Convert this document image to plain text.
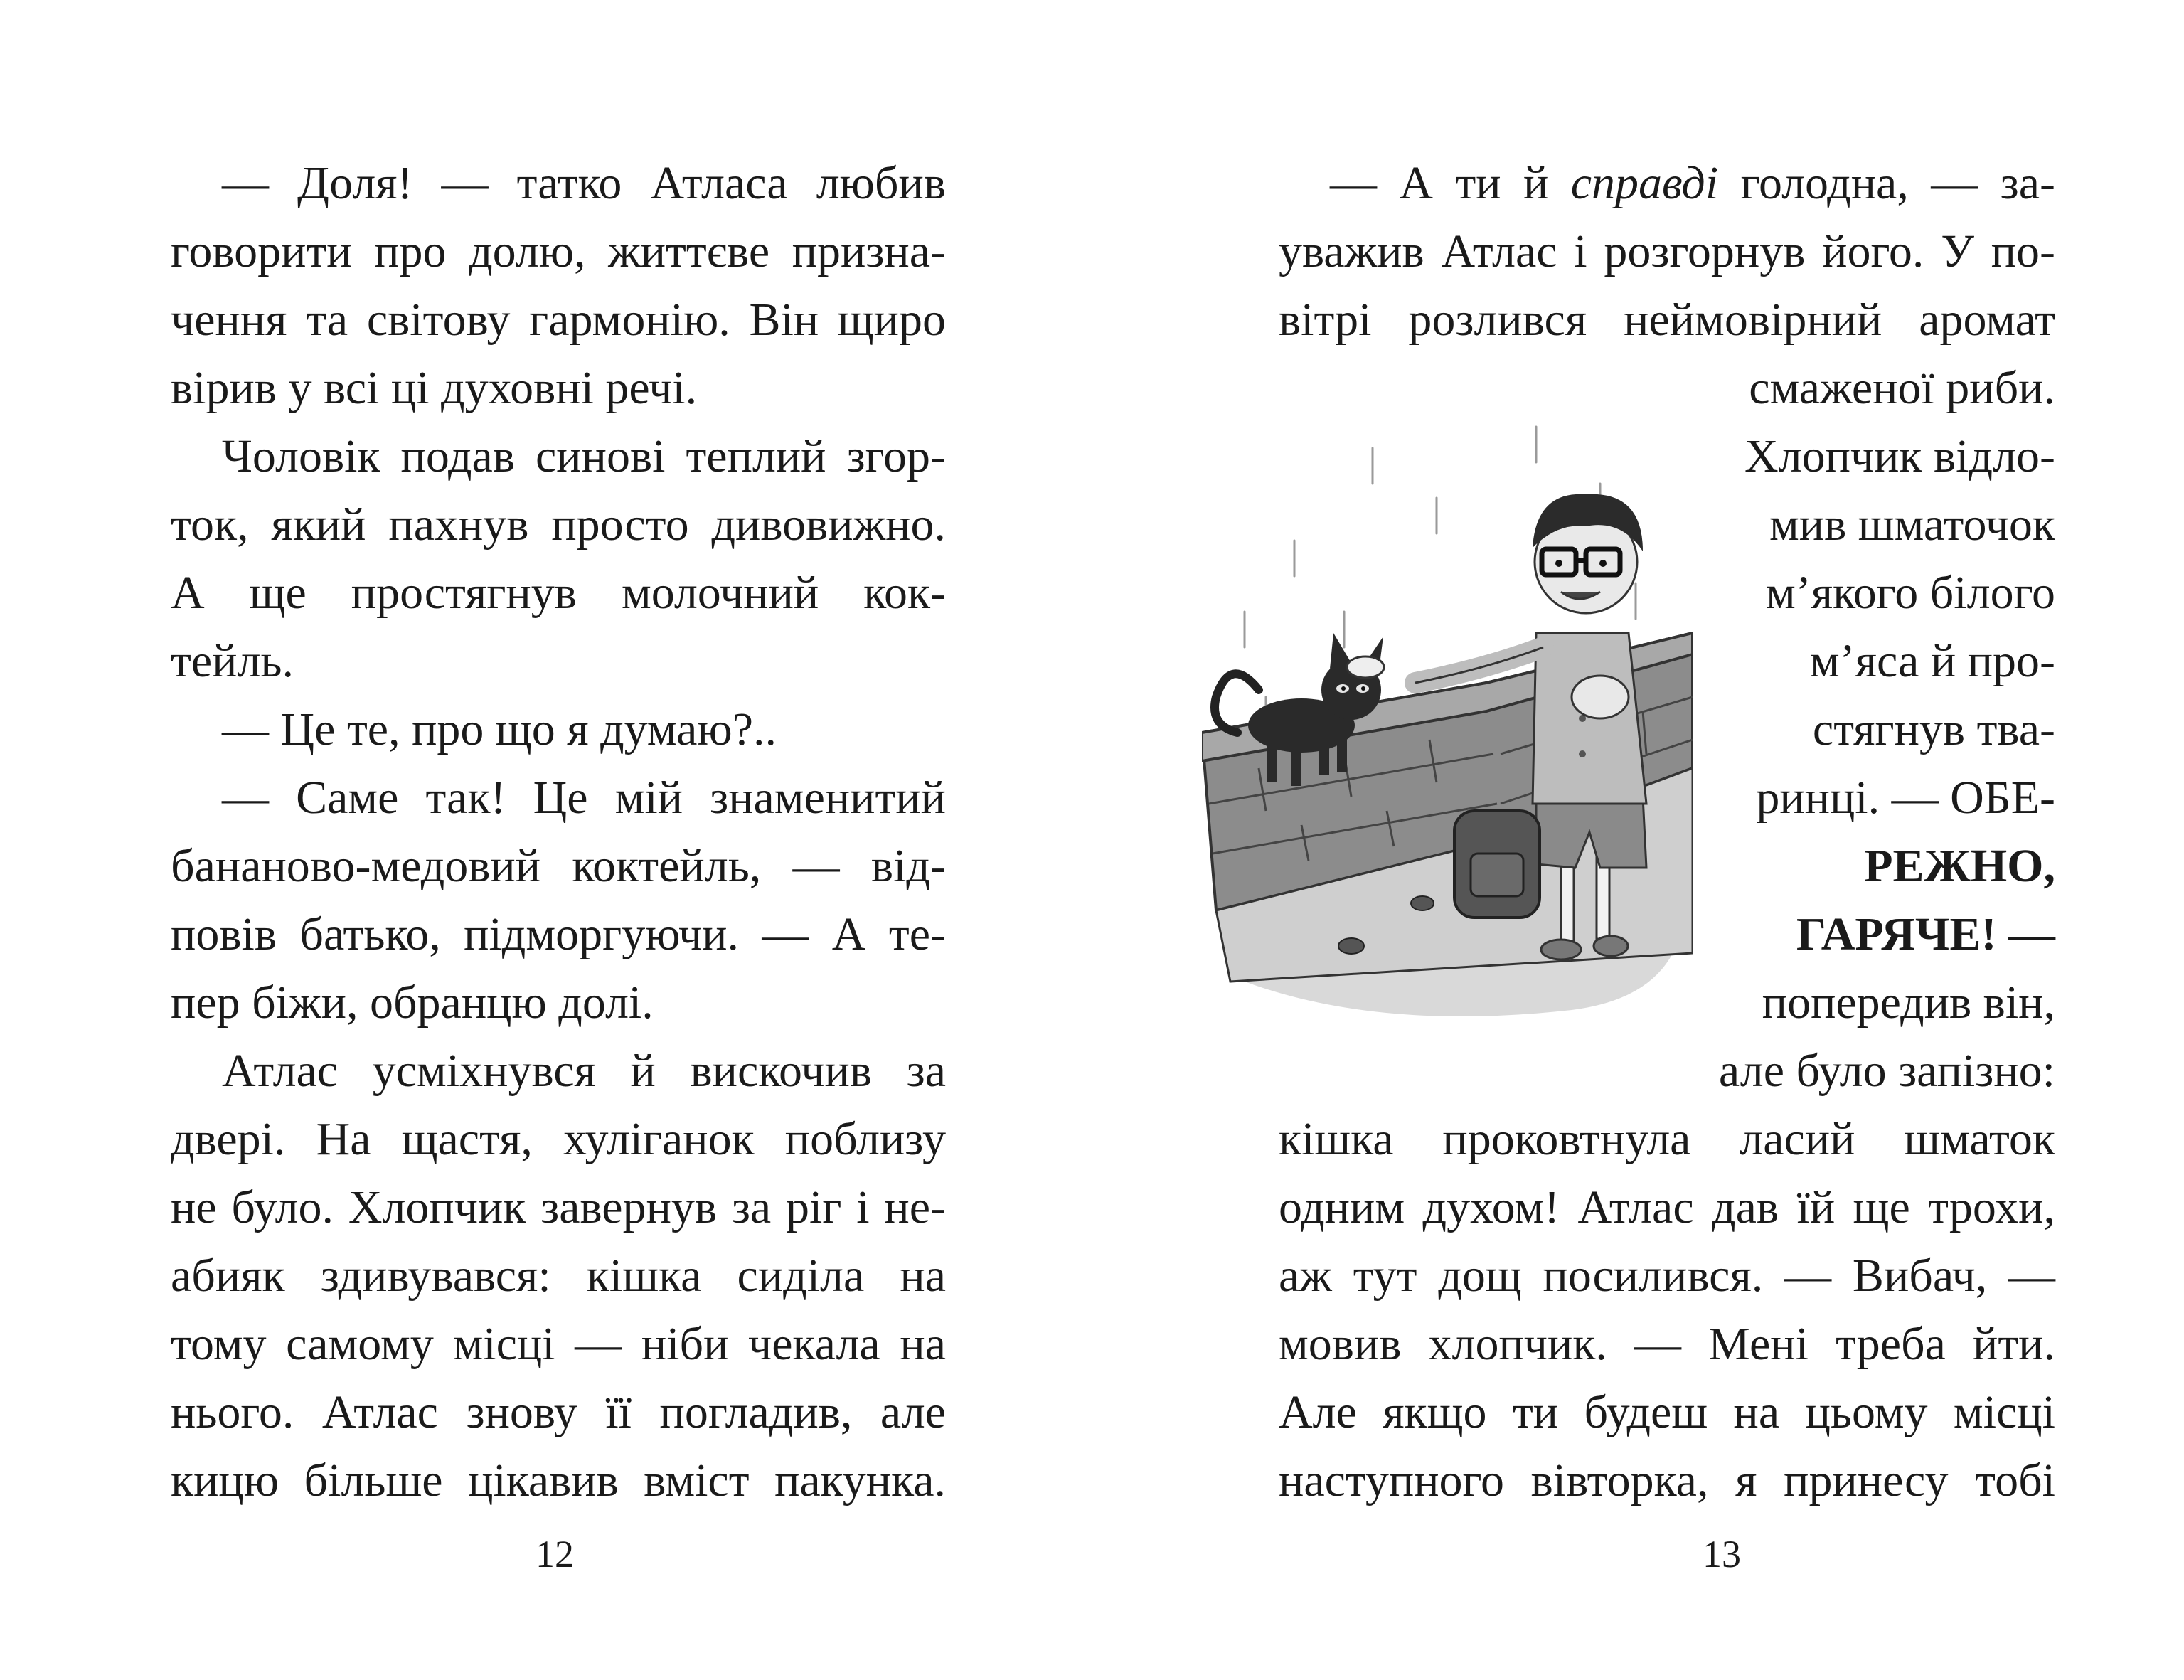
— Доля! — татко Атласа любив
говорити про долю, життєве призна-
чення та світову гармонію. Він щиро
вірив у всі ці духовні речі.
Чоловік подав синові теплий згор-
ток, який пахнув просто дивовижно.
А ще простягнув молочний кок-
тейль.
— Це те, про що я думаю?..
— Саме так! Це мій знаменитий
бананово-медовий коктейль, — від-
повів батько, підморгуючи. — А те-
пер біжи, обранцю долі.
Атлас усміхнувся й вискочив за
двері. На щастя, хуліганок поблизу
не було. Хлопчик завернув за ріг і не-
абияк здивувався: кішка сиділа на
тому самому місці — ніби чекала на
нього. Атлас знову її погладив, але
кицю більше цікавив вміст пакунка.
12
— А ти й справді голодна, — за-
уважив Атлас і розгорнув його. У по-
вітрі розлився неймовірний аромат
смаженої риби.
Хлопчик відло-
мив шматочок
м’якого білого
м’яса й про-
стягнув тва-
ринці. — ОБЕ-
РЕЖНО,
ГАРЯЧЕ! —
попередив він,
але було запізно:
кішка проковтнула ласий шматок
одним духом! Атлас дав їй ще трохи,
аж тут дощ посилився. — Вибач, —
мовив хлопчик. — Мені треба йти.
Але якщо ти будеш на цьому місці
наступного вівторка, я принесу тобі
13
